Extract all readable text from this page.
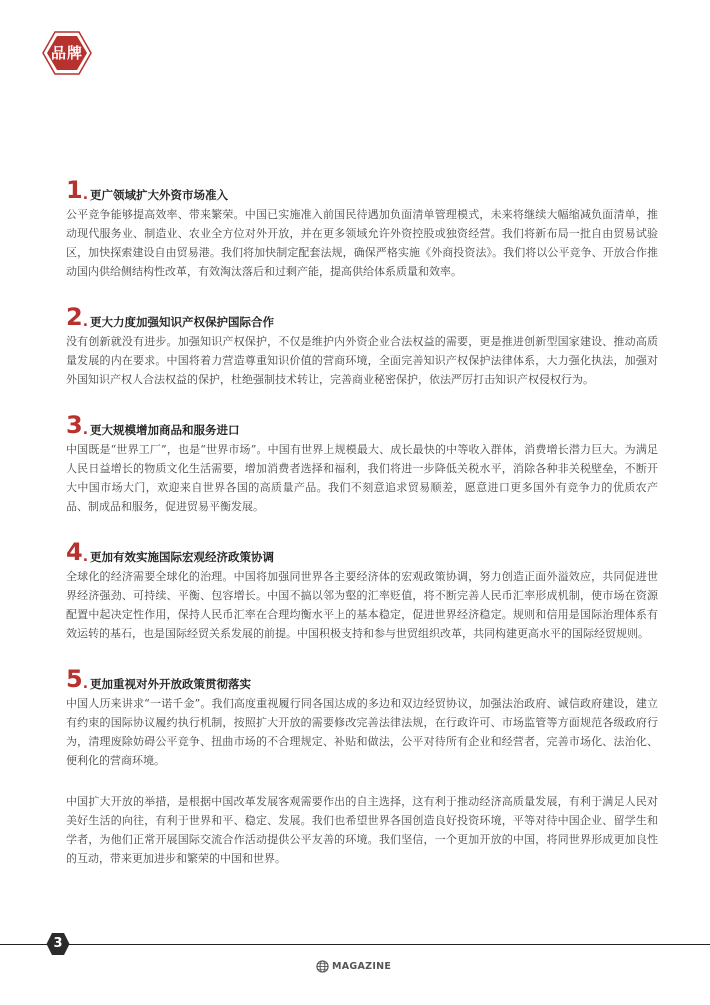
品牌
1 . 更广领域扩大外资市场准入

公平竞争能够提高效率、带来繁荣。中国已实施准入前国民待遇加负面清单管理模式，未来将继续大幅缩减负面清单，推动现代服务业、制造业、农业全方位对外开放，并在更多领域允许外资控股或独资经营。我们将新布局一批自由贸易试验区，加快探索建设自由贸易港。我们将加快制定配套法规，确保严格实施《外商投资法》。我们将以公平竞争、开放合作推动国内供给侧结构性改革，有效淘汰落后和过剩产能，提高供给体系质量和效率。

2 . 更大力度加强知识产权保护国际合作

没有创新就没有进步。加强知识产权保护，不仅是维护内外资企业合法权益的需要，更是推进创新型国家建设、推动高质量发展的内在要求。中国将着力营造尊重知识价值的营商环境，全面完善知识产权保护法律体系，大力强化执法，加强对外国知识产权人合法权益的保护，杜绝强制技术转让，完善商业秘密保护，依法严厉打击知识产权侵权行为。

3 . 更大规模增加商品和服务进口

中国既是“世界工厂”，也是“世界市场”。中国有世界上规模最大、成长最快的中等收入群体，消费增长潜力巨大。为满足人民日益增长的物质文化生活需要，增加消费者选择和福利，我们将进一步降低关税水平，消除各种非关税壁垒，不断开大中国市场大门，欢迎来自世界各国的高质量产品。我们不刻意追求贸易顺差，愿意进口更多国外有竞争力的优质农产品、制成品和服务，促进贸易平衡发展。

4 . 更加有效实施国际宏观经济政策协调

全球化的经济需要全球化的治理。中国将加强同世界各主要经济体的宏观政策协调，努力创造正面外溢效应，共同促进世界经济强劲、可持续、平衡、包容增长。中国不搞以邻为壑的汇率贬值，将不断完善人民币汇率形成机制，使市场在资源配置中起决定性作用，保持人民币汇率在合理均衡水平上的基本稳定，促进世界经济稳定。规则和信用是国际治理体系有效运转的基石，也是国际经贸关系发展的前提。中国积极支持和参与世贸组织改革，共同构建更高水平的国际经贸规则。

5 . 更加重视对外开放政策贯彻落实

中国人历来讲求“一诺千金”。我们高度重视履行同各国达成的多边和双边经贸协议，加强法治政府、诚信政府建设，建立有约束的国际协议履约执行机制，按照扩大开放的需要修改完善法律法规，在行政许可、市场监管等方面规范各级政府行为，清理废除妨碍公平竞争、扭曲市场的不合理规定、补贴和做法，公平对待所有企业和经营者，完善市场化、法治化、便利化的营商环境。

中国扩大开放的举措，是根据中国改革发展客观需要作出的自主选择，这有利于推动经济高质量发展，有利于满足人民对美好生活的向往，有利于世界和平、稳定、发展。我们也希望世界各国创造良好投资环境，平等对待中国企业、留学生和学者，为他们正常开展国际交流合作活动提供公平友善的环境。我们坚信，一个更加开放的中国，将同世界形成更加良性的互动，带来更加进步和繁荣的中国和世界。

3
MAGAZINE
